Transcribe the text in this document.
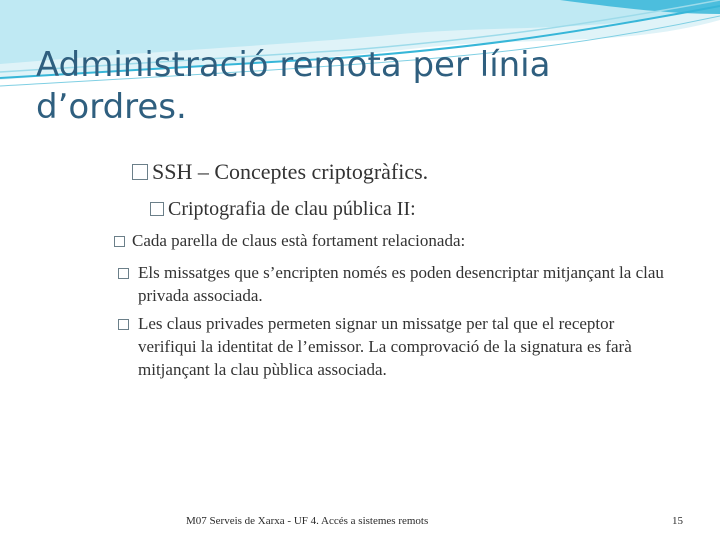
Administració remota per línia
d’ordres.
SSH – Conceptes criptogràfics.
Criptografia de clau pública II:
Cada parella de claus està fortament relacionada:
Els missatges que s’encripten només es poden desencriptar mitjançant la clau privada associada.
Les claus privades permeten signar un missatge per tal que el receptor verifiqui la identitat de l’emissor. La comprovació de la signatura es farà mitjançant la clau pùblica associada.
M07 Serveis de Xarxa - UF 4. Accés a sistemes remots	15
